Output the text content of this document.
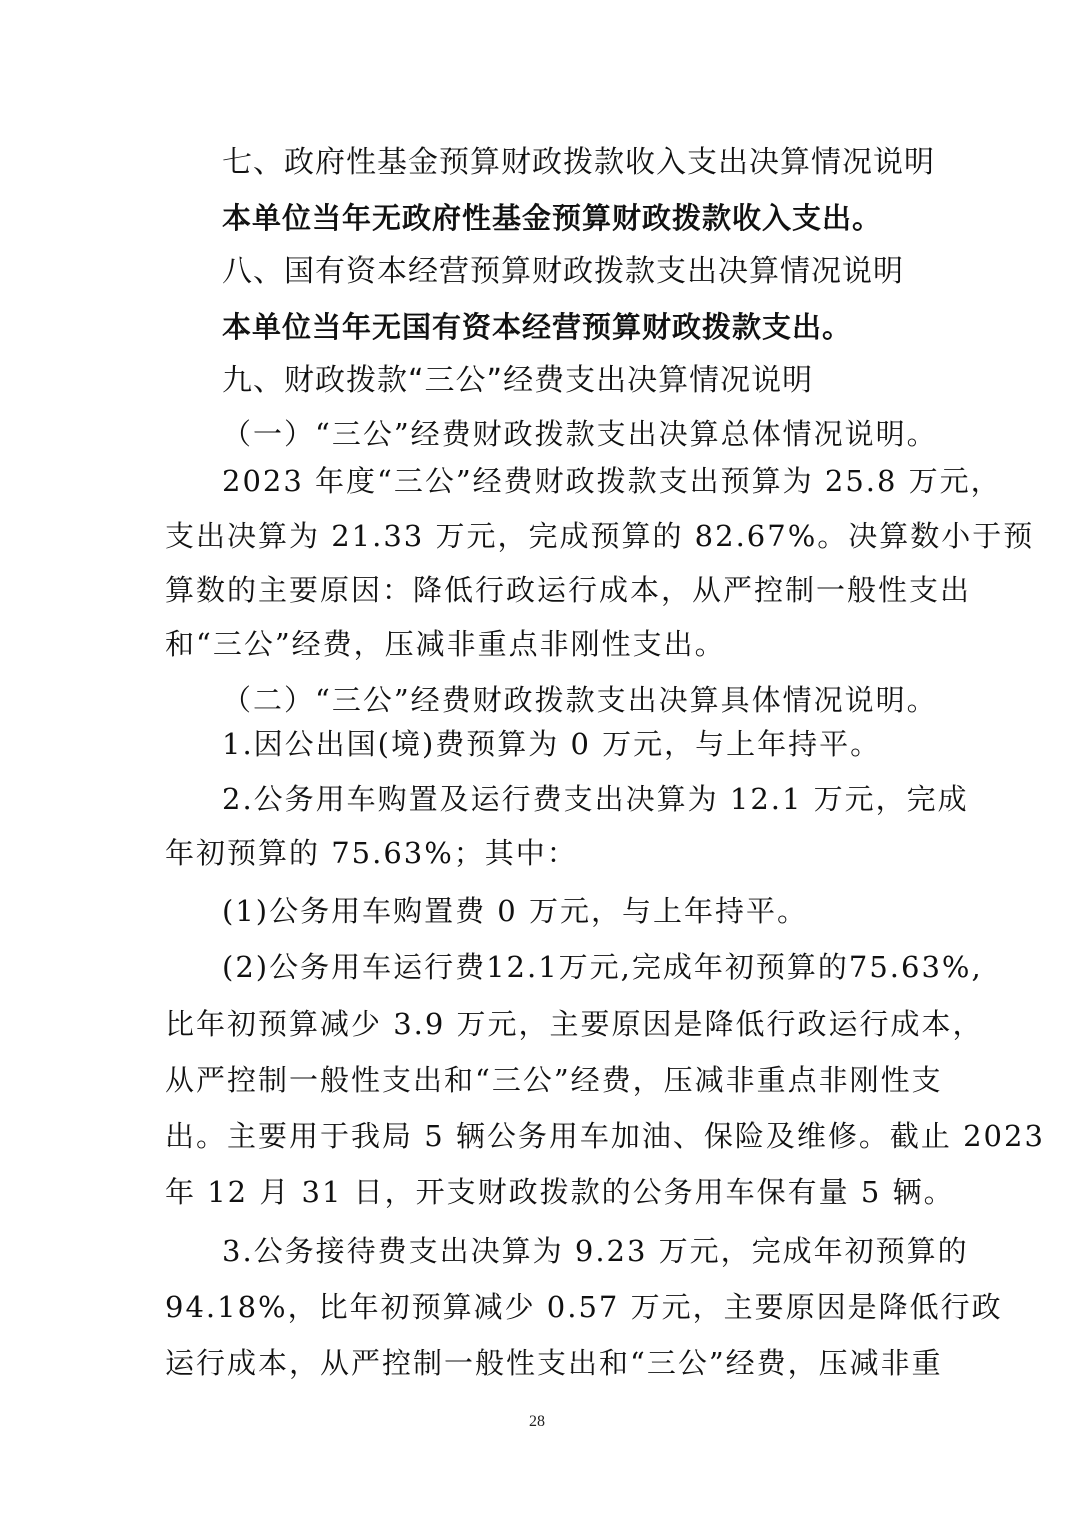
七、政府性基金预算财政拨款收入支出决算情况说明
本单位当年无政府性基金预算财政拨款收入支出。
八、国有资本经营预算财政拨款支出决算情况说明
本单位当年无国有资本经营预算财政拨款支出。
九、财政拨款“三公”经费支出决算情况说明
（一）“三公”经费财政拨款支出决算总体情况说明。
2023 年度“三公”经费财政拨款支出预算为 25.8 万元，
支出决算为 21.33 万元，完成预算的 82.67%。决算数小于预
算数的主要原因：降低行政运行成本，从严控制一般性支出
和“三公”经费，压减非重点非刚性支出。
（二）“三公”经费财政拨款支出决算具体情况说明。
1.因公出国(境)费预算为 0 万元，与上年持平。
2.公务用车购置及运行费支出决算为 12.1 万元，完成
年初预算的 75.63%；其中：
(1)公务用车购置费 0 万元，与上年持平。
(2)公务用车运行费12.1万元,完成年初预算的75.63%,
比年初预算减少 3.9 万元，主要原因是降低行政运行成本，
从严控制一般性支出和“三公”经费，压减非重点非刚性支
出。主要用于我局 5 辆公务用车加油、保险及维修。截止 2023
年 12 月 31 日，开支财政拨款的公务用车保有量 5 辆。
3.公务接待费支出决算为 9.23 万元，完成年初预算的
94.18%，比年初预算减少 0.57 万元，主要原因是降低行政
运行成本，从严控制一般性支出和“三公”经费，压减非重
28
